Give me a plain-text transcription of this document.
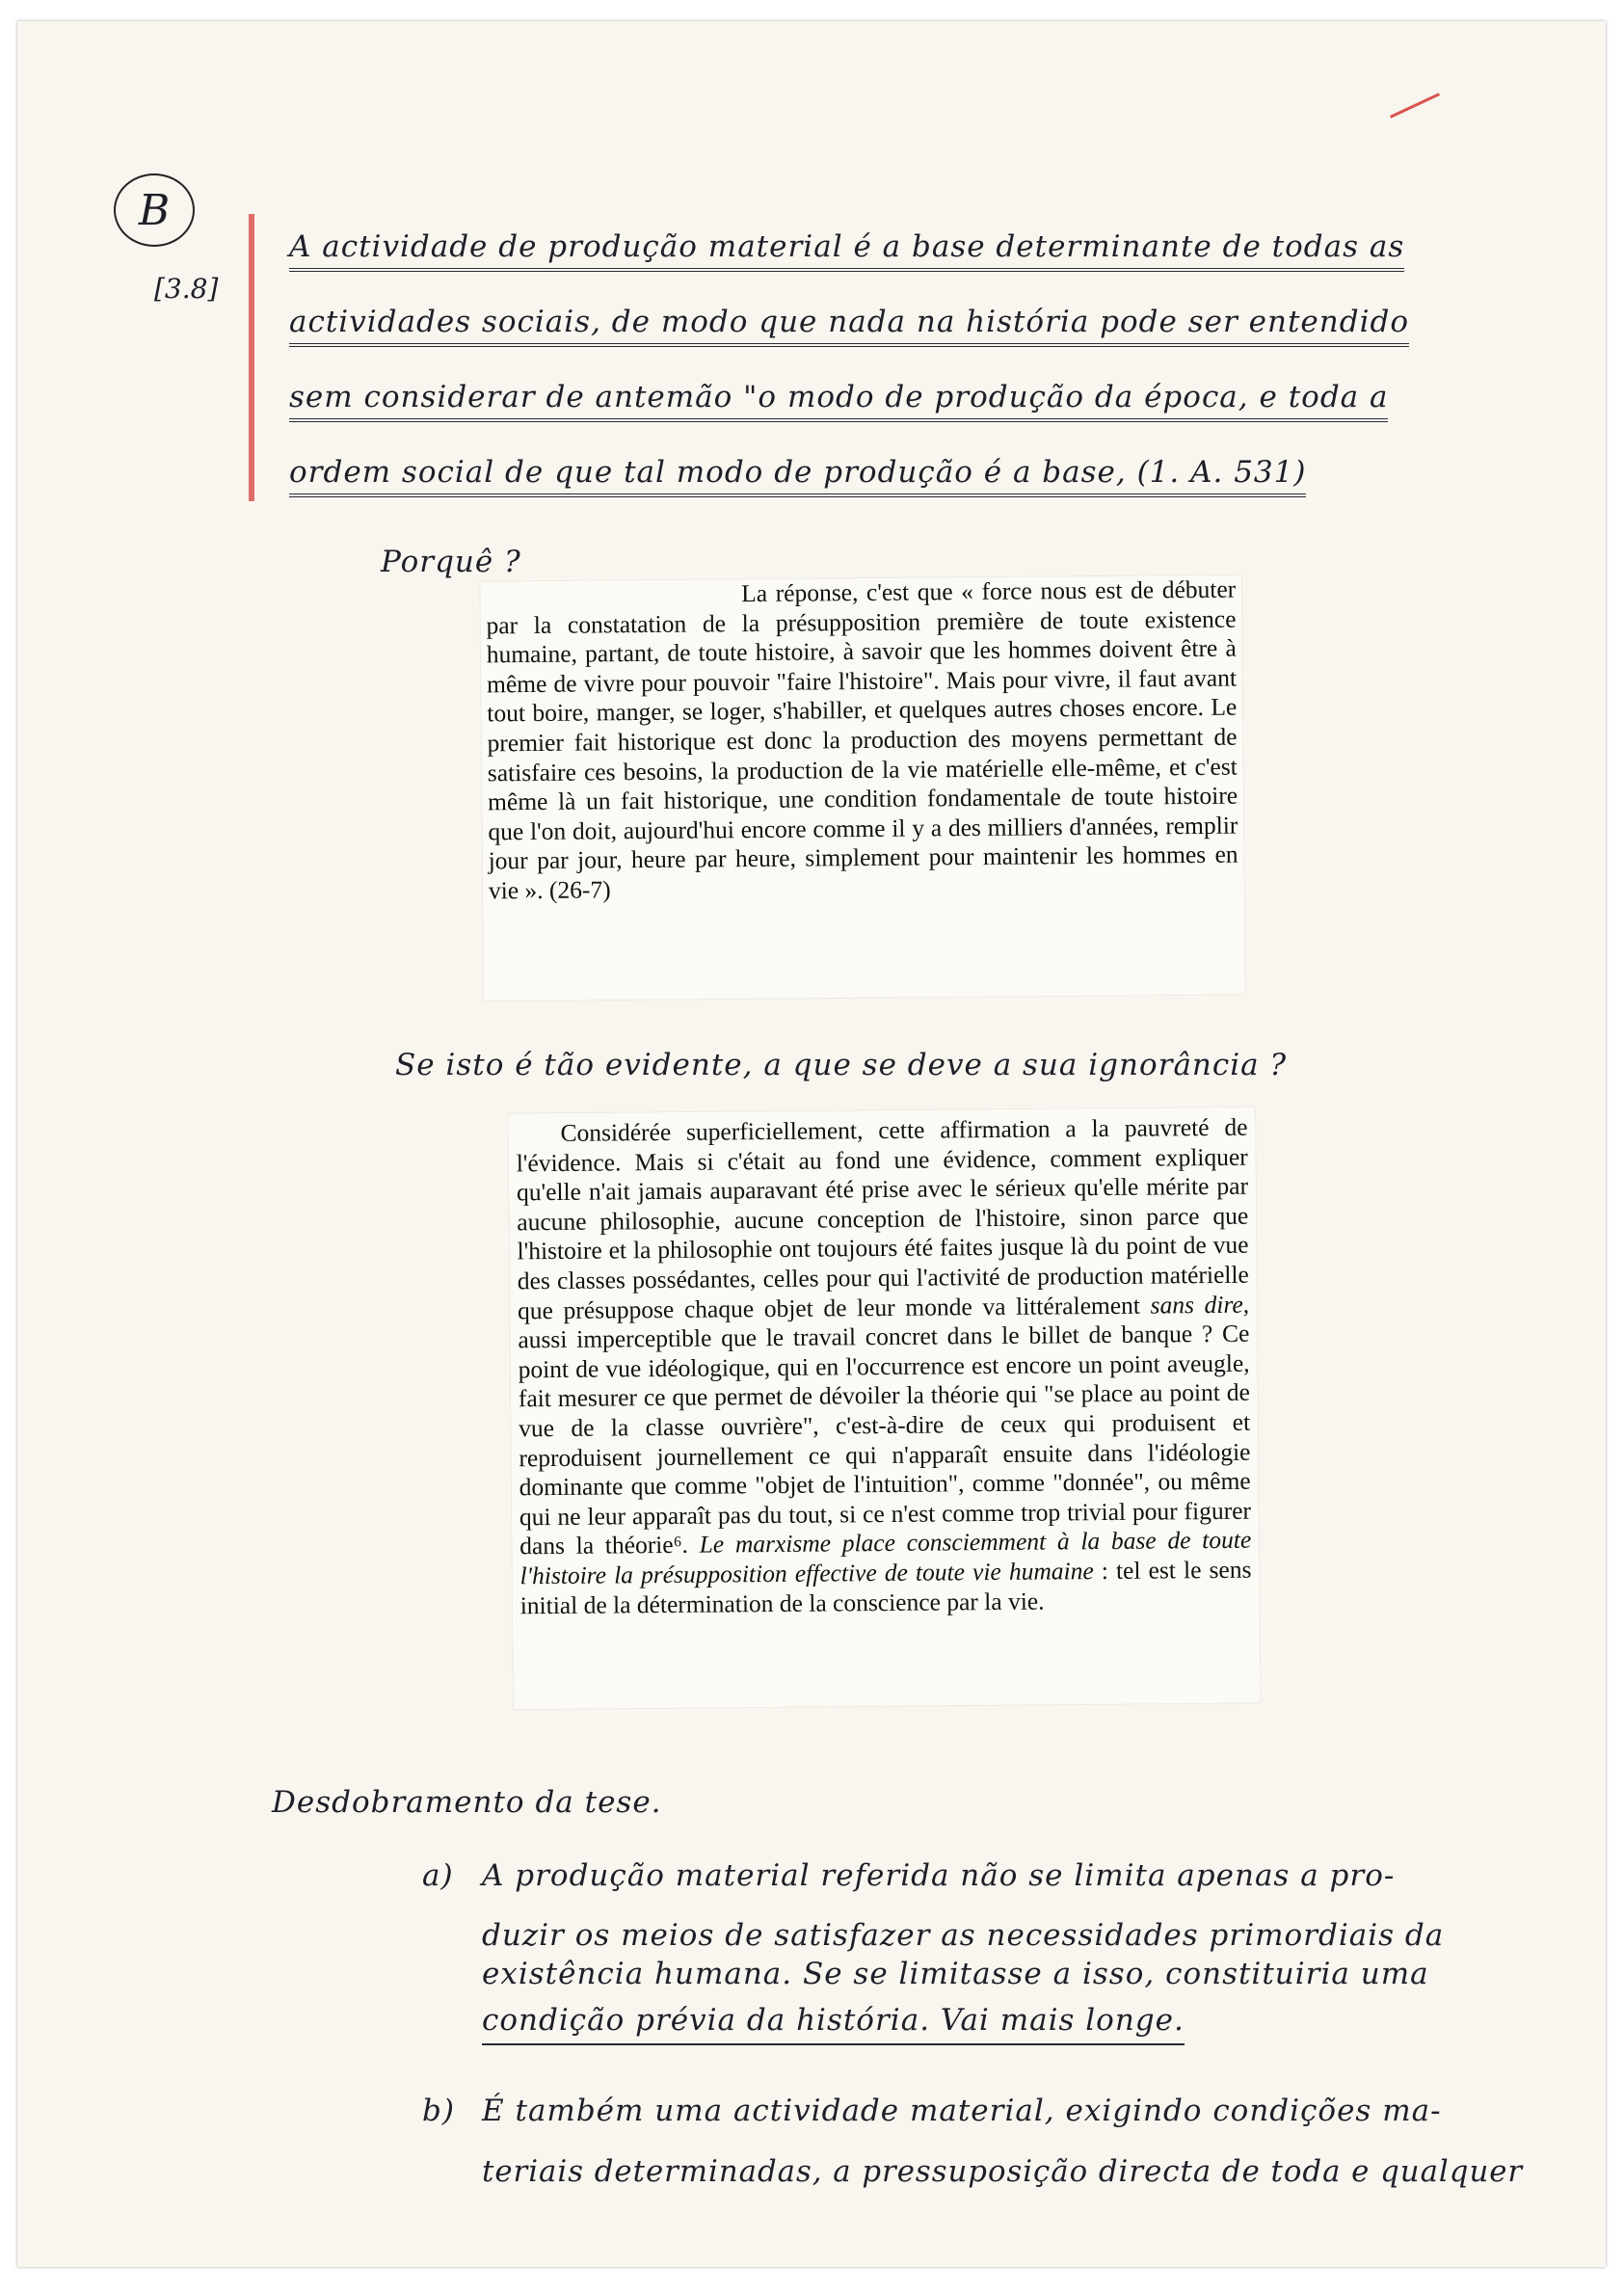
B
[3.8]
A actividade de produção material é a base determinante de todas as
actividades sociais, de modo que nada na história pode ser entendido
sem considerar de antemão "o modo de produção da época, e toda a
ordem social de que tal modo de produção é a base, (1. A. 531)
Porquê ?

La réponse, c'est que « force nous est de débuter par la constatation de la présupposition première de toute existence humaine, partant, de toute histoire, à savoir que les hommes doivent être à même de vivre pour pouvoir "faire l'histoire". Mais pour vivre, il faut avant tout boire, manger, se loger, s'habiller, et quelques autres choses encore. Le premier fait historique est donc la production des moyens permettant de satisfaire ces besoins, la production de la vie matérielle elle-même, et c'est même là un fait historique, une condition fondamentale de toute histoire que l'on doit, aujourd'hui encore comme il y a des milliers d'années, remplir jour par jour, heure par heure, simplement pour maintenir les hommes en vie ». (26-7)

Se isto é tão evidente, a que se deve a sua ignorância ?

Considérée superficiellement, cette affirmation a la pauvreté de l'évidence. Mais si c'était au fond une évidence, comment expliquer qu'elle n'ait jamais auparavant été prise avec le sérieux qu'elle mérite par aucune philosophie, aucune conception de l'histoire, sinon parce que l'histoire et la philosophie ont toujours été faites jusque là du point de vue des classes possédantes, celles pour qui l'activité de production matérielle que présuppose chaque objet de leur monde va littéralement sans dire, aussi imperceptible que le travail concret dans le billet de banque ? Ce point de vue idéologique, qui en l'occurrence est encore un point aveugle, fait mesurer ce que permet de dévoiler la théorie qui "se place au point de vue de la classe ouvrière", c'est-à-dire de ceux qui produisent et reproduisent journellement ce qui n'apparaît ensuite dans l'idéologie dominante que comme "objet de l'intuition", comme "donnée", ou même qui ne leur apparaît pas du tout, si ce n'est comme trop trivial pour figurer dans la théorie⁶. Le marxisme place consciemment à la base de toute l'histoire la présupposition effective de toute vie humaine : tel est le sens initial de la détermination de la conscience par la vie.

Desdobramento da tese.
a) A produção material referida não se limita apenas a pro-
duzir os meios de satisfazer as necessidades primordiais da
existência humana. Se se limitasse a isso, constituiria uma
condição prévia da história. Vai mais longe.
b) É também uma actividade material, exigindo condições ma-
teriais determinadas, a pressuposição directa de toda e qualquer
